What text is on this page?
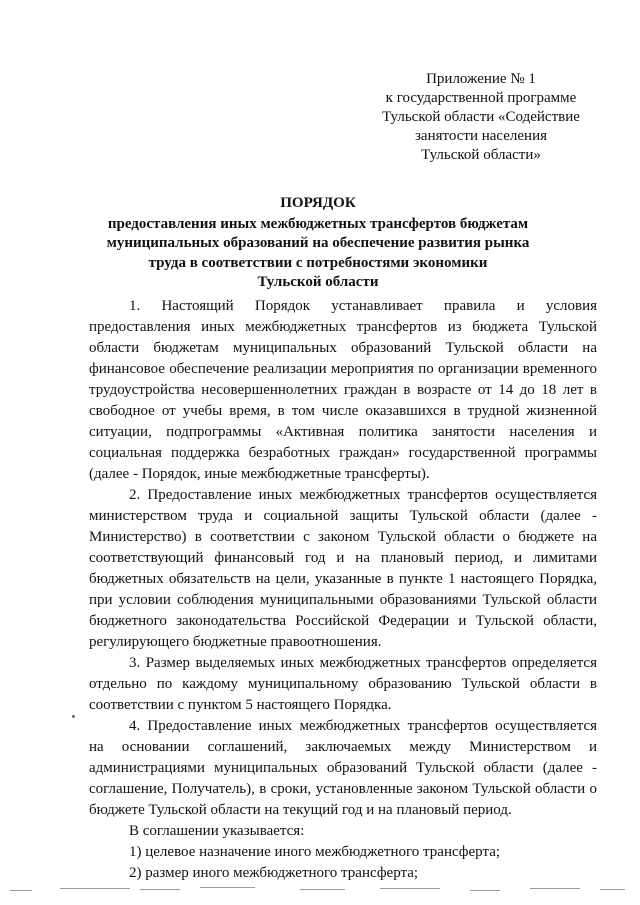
Приложение № 1
к государственной программе
Тульской области «Содействие
занятости населения
Тульской области»
ПОРЯДОК
предоставления иных межбюджетных трансфертов бюджетам
муниципальных образований на обеспечение развития рынка
труда в соответствии с потребностями экономики
Тульской области

1. Настоящий Порядок устанавливает правила и условия предоставления иных межбюджетных трансфертов из бюджета Тульской области бюджетам муниципальных образований Тульской области на финансовое обеспечение реализации мероприятия по организации временного трудоустройства несовершеннолетних граждан в возрасте от 14 до 18 лет в свободное от учебы время, в том числе оказавшихся в трудной жизненной ситуации, подпрограммы «Активная политика занятости населения и социальная поддержка безработных граждан» государственной программы (далее - Порядок, иные межбюджетные трансферты).

2. Предоставление иных межбюджетных трансфертов осуществляется министерством труда и социальной защиты Тульской области (далее - Министерство) в соответствии с законом Тульской области о бюджете на соответствующий финансовый год и на плановый период, и лимитами бюджетных обязательств на цели, указанные в пункте 1 настоящего Порядка, при условии соблюдения муниципальными образованиями Тульской области бюджетного законодательства Российской Федерации и Тульской области, регулирующего бюджетные правоотношения.

3. Размер выделяемых иных межбюджетных трансфертов определяется отдельно по каждому муниципальному образованию Тульской области в соответствии с пунктом 5 настоящего Порядка.

4. Предоставление иных межбюджетных трансфертов осуществляется на основании соглашений, заключаемых между Министерством и администрациями муниципальных образований Тульской области (далее - соглашение, Получатель), в сроки, установленные законом Тульской области о бюджете Тульской области на текущий год и на плановый период.

В соглашении указывается:

1) целевое назначение иного межбюджетного трансферта;

2) размер иного межбюджетного трансферта;
